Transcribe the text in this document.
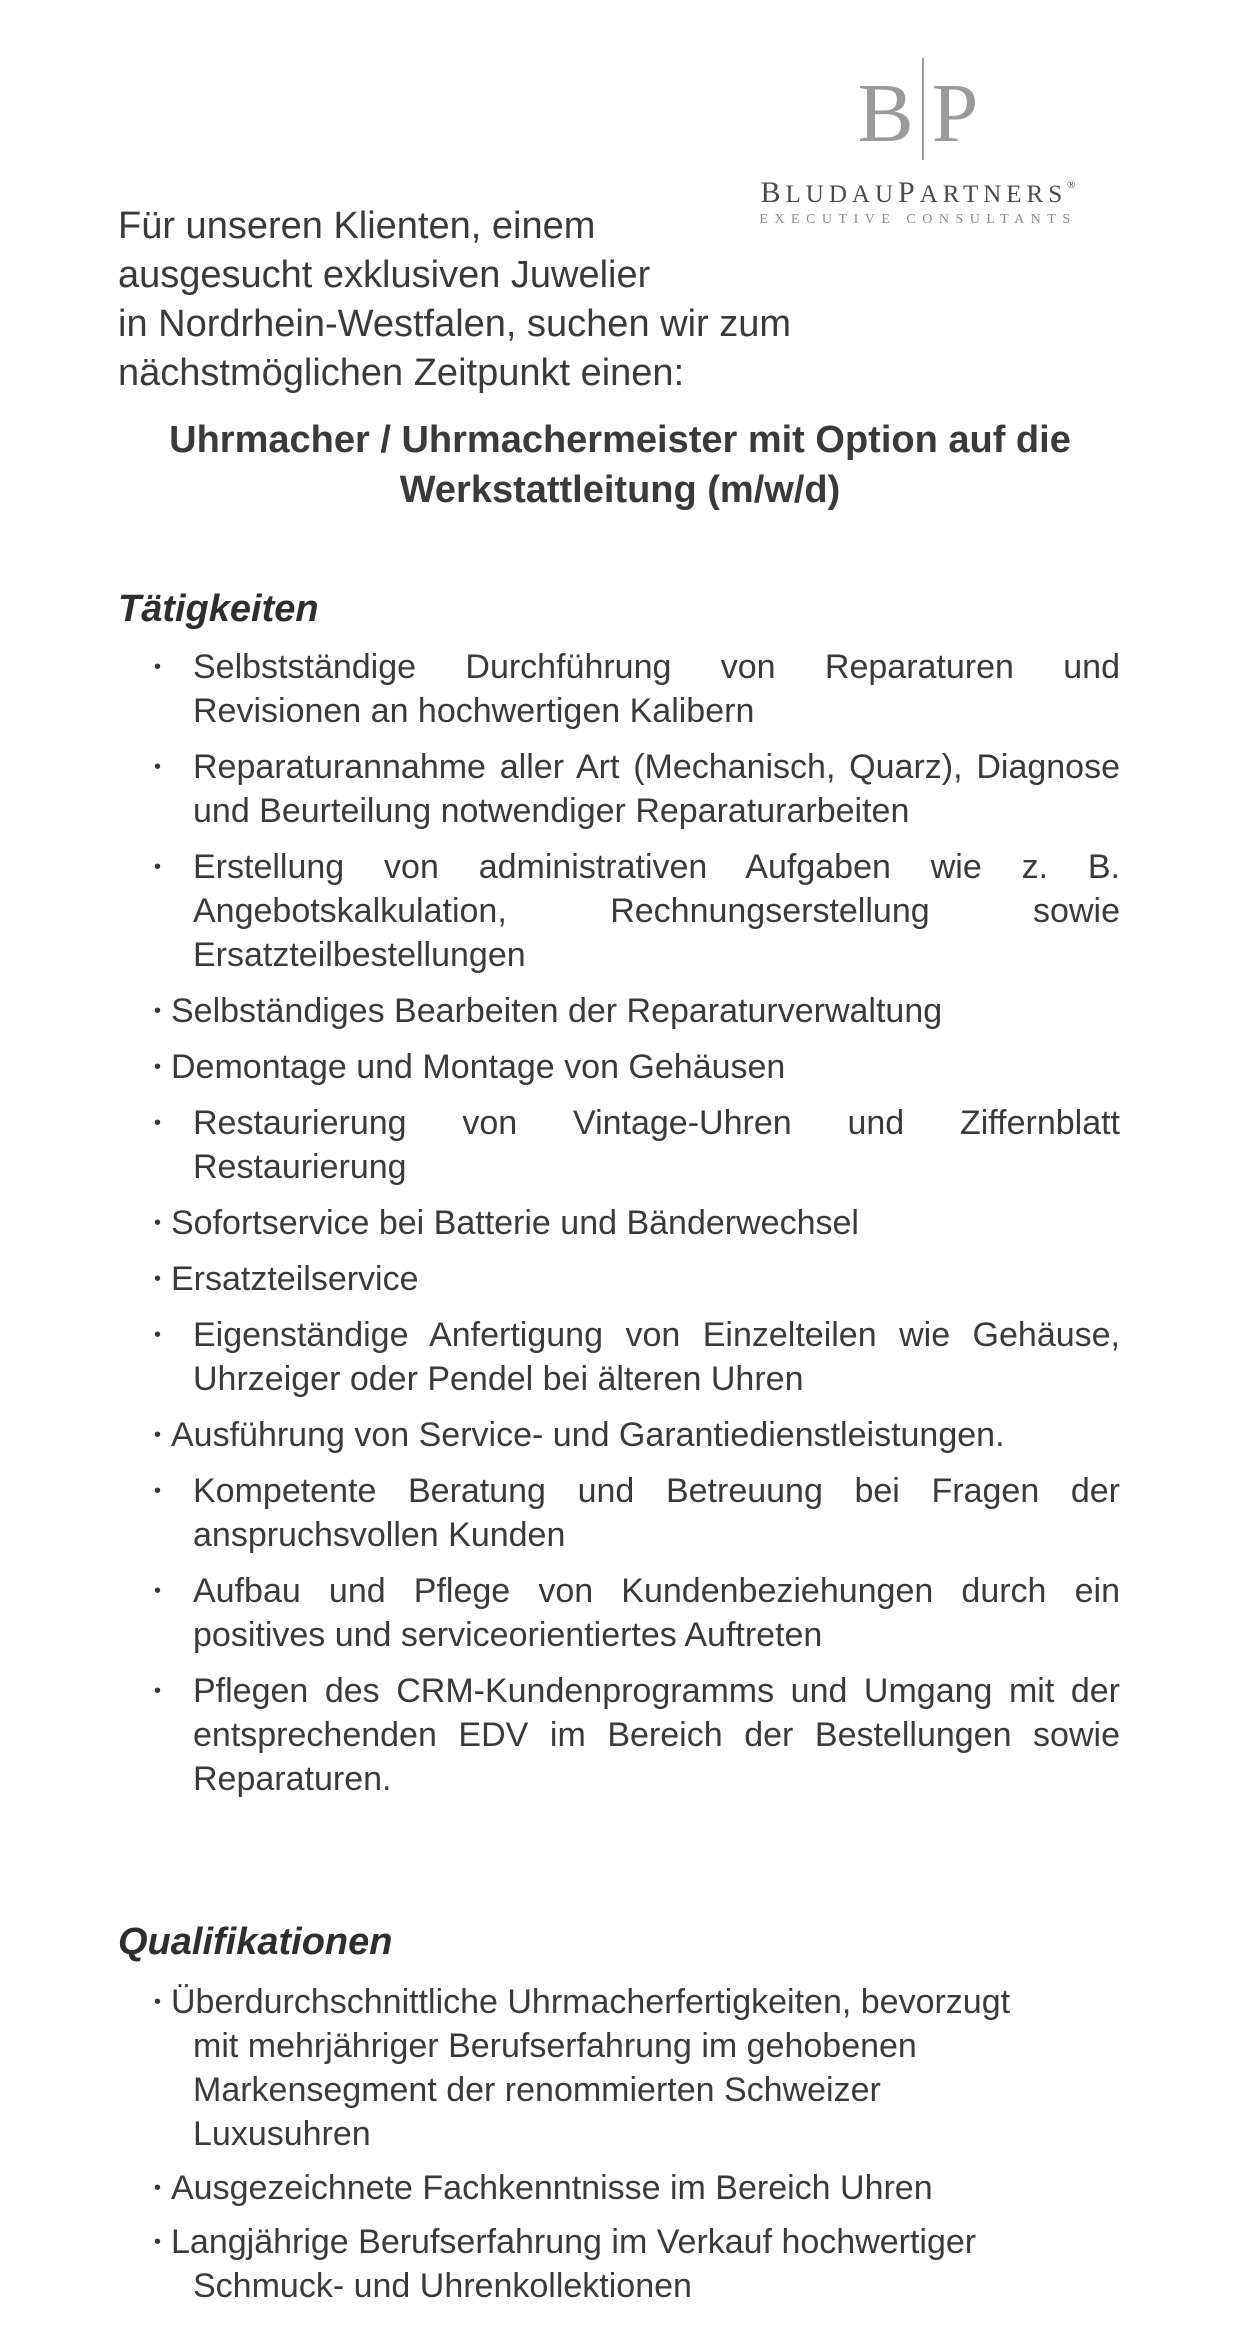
B P
BLUDAUPARTNERS®
EXECUTIVE CONSULTANTS
Für unseren Klienten, einem
ausgesucht exklusiven Juwelier
in Nordrhein-Westfalen, suchen wir zum
nächstmöglichen Zeitpunkt einen:
Uhrmacher / Uhrmachermeister mit Option auf die
Werkstattleitung (m/w/d)
Tätigkeiten
• Selbstständige Durchführung von Reparaturen und Revisionen an hochwertigen Kalibern
• Reparaturannahme aller Art (Mechanisch, Quarz), Diagnose und Beurteilung notwendiger Reparaturarbeiten
• Erstellung von administrativen Aufgaben wie z. B. Angebotskalkulation, Rechnungserstellung sowie Ersatzteilbestellungen
• Selbständiges Bearbeiten der Reparaturverwaltung
• Demontage und Montage von Gehäusen
• Restaurierung von Vintage-Uhren und Ziffernblatt Restaurierung
• Sofortservice bei Batterie und Bänderwechsel
• Ersatzteilservice
• Eigenständige Anfertigung von Einzelteilen wie Gehäuse, Uhrzeiger oder Pendel bei älteren Uhren
• Ausführung von Service- und Garantiedienstleistungen.
• Kompetente Beratung und Betreuung bei Fragen der anspruchsvollen Kunden
• Aufbau und Pflege von Kundenbeziehungen durch ein positives und serviceorientiertes Auftreten
• Pflegen des CRM-Kundenprogramms und Umgang mit der entsprechenden EDV im Bereich der Bestellungen sowie Reparaturen.
Qualifikationen
• Überdurchschnittliche Uhrmacherfertigkeiten, bevorzugt
mit mehrjähriger Berufserfahrung im gehobenen
Markensegment der renommierten Schweizer
Luxusuhren
• Ausgezeichnete Fachkenntnisse im Bereich Uhren
• Langjährige Berufserfahrung im Verkauf hochwertiger
Schmuck- und Uhrenkollektionen
